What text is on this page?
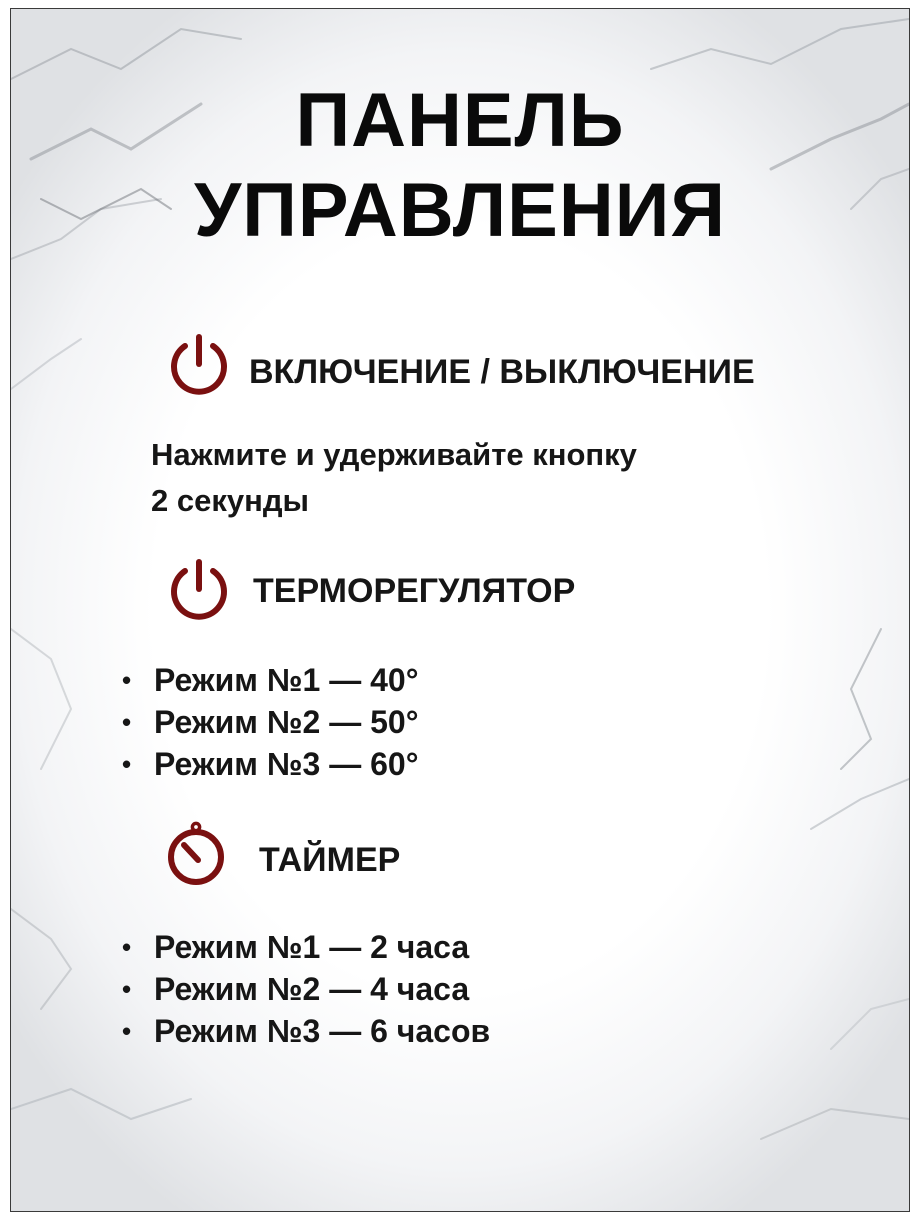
ПАНЕЛЬ
УПРАВЛЕНИЯ
ВКЛЮЧЕНИЕ / ВЫКЛЮЧЕНИЕ
Нажмите и удерживайте кнопку
2 секунды
ТЕРМОРЕГУЛЯТОР
• Режим №1 — 40°
• Режим №2 — 50°
• Режим №3 — 60°
ТАЙМЕР
• Режим №1 — 2 часа
• Режим №2 — 4 часа
• Режим №3 — 6 часов
